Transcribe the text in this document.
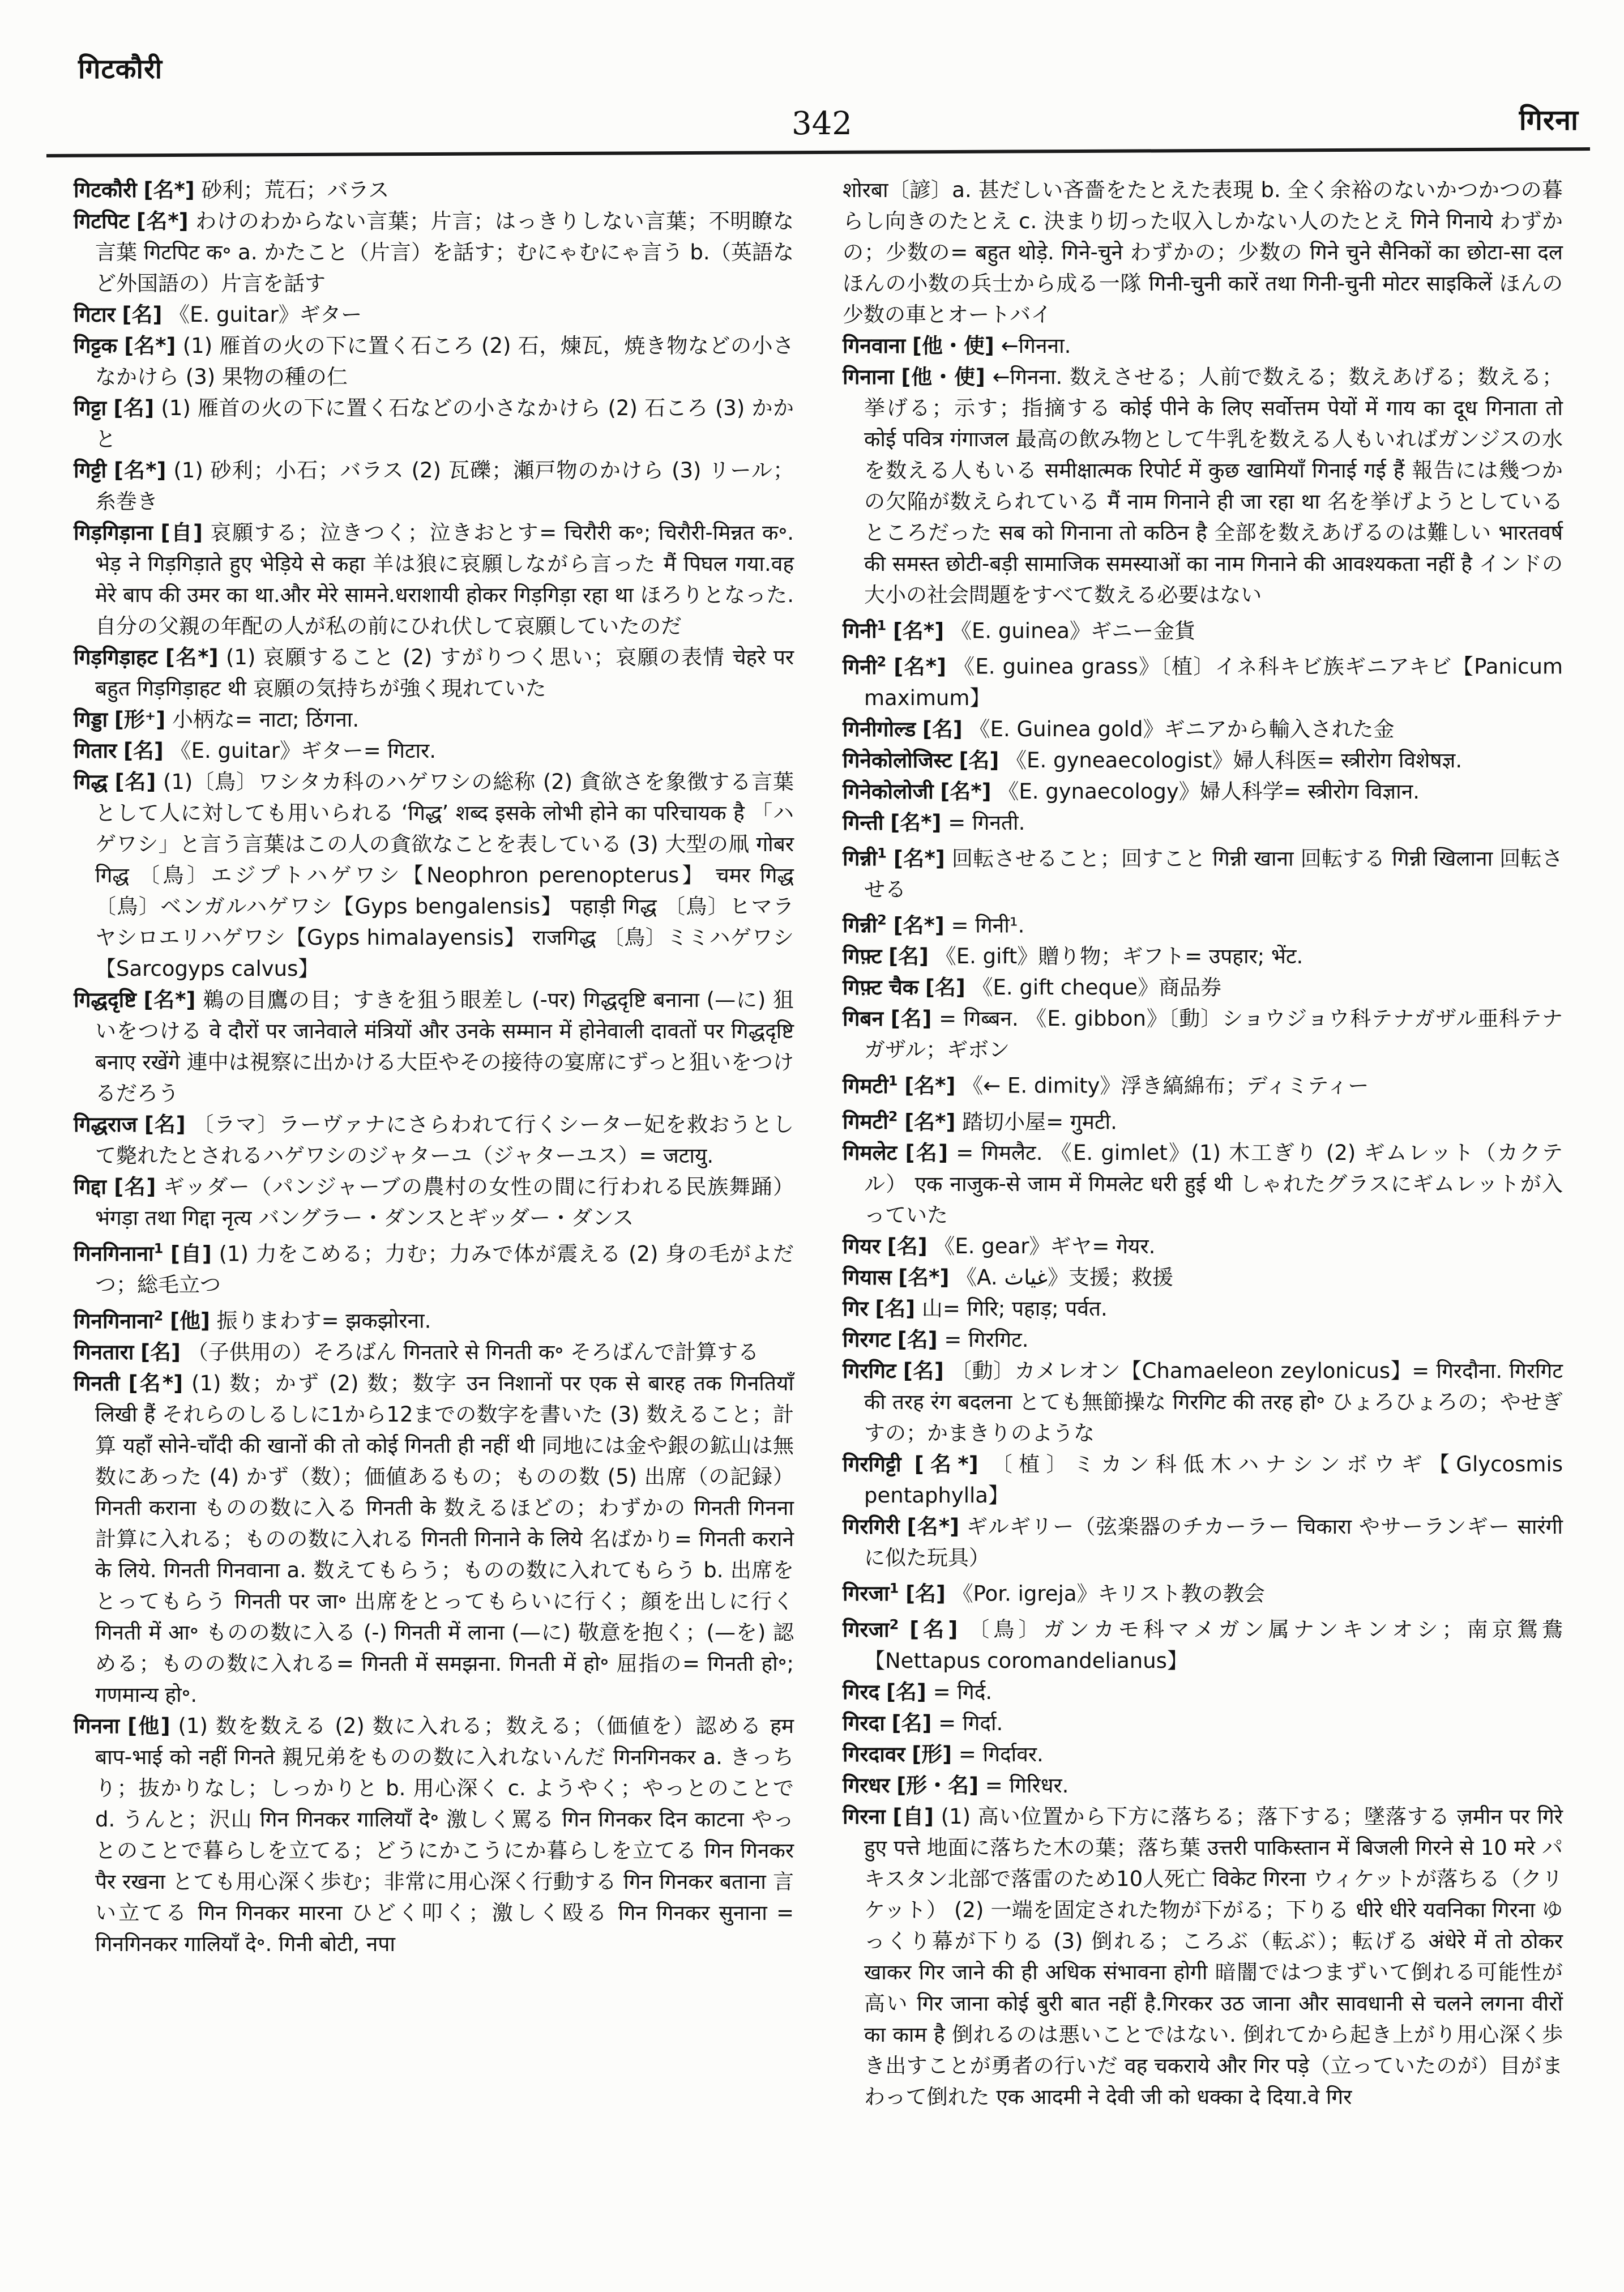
गिटकौरी
342	गिरना
गिटकौरी [名*] 砂利；荒石；バラス
गिटपिट [名*] わけのわからない言葉；片言；はっきりしない言葉；不明瞭な言葉 गिटपिट क॰ a. かたこと（片言）を話す；むにゃむにゃ言う b.（英語など外国語の）片言を話す
गिटार [名] 《E. guitar》ギター
गिट्टक [名*] (1) 雁首の火の下に置く石ころ (2) 石，煉瓦，焼き物などの小さなかけら (3) 果物の種の仁
गिट्टा [名] (1) 雁首の火の下に置く石などの小さなかけら (2) 石ころ (3) かかと
गिट्टी [名*] (1) 砂利；小石；バラス (2) 瓦礫；瀬戸物のかけら (3) リール；糸巻き
गिड़गिड़ाना [自] 哀願する；泣きつく；泣きおとす= चिरौरी क॰; चिरौरी-मिन्नत क॰. भेड़ ने गिड़गिड़ाते हुए भेड़िये से कहा 羊は狼に哀願しながら言った मैं पिघल गया.वह मेरे बाप की उमर का था.और मेरे सामने.धराशायी होकर गिड़गिड़ा रहा था ほろりとなった. 自分の父親の年配の人が私の前にひれ伏して哀願していたのだ
गिड़गिड़ाहट [名*] (1) 哀願すること (2) すがりつく思い；哀願の表情 चेहरे पर बहुत गिड़गिड़ाहट थी 哀願の気持ちが強く現れていた
गिड्डा [形⁺] 小柄な= नाटा; ठिंगना.
गितार [名] 《E. guitar》ギター= गिटार.
गिद्ध [名] (1)〔鳥〕ワシタカ科のハゲワシの総称 (2) 貪欲さを象徴する言葉として人に対しても用いられる ‘गिद्ध’ शब्द इसके लोभी होने का परिचायक है 「ハゲワシ」と言う言葉はこの人の貪欲なことを表している (3) 大型の凧 गोबर गिद्ध 〔鳥〕エジプトハゲワシ【Neophron perenopterus】 चमर गिद्ध 〔鳥〕ベンガルハゲワシ【Gyps bengalensis】 पहाड़ी गिद्ध 〔鳥〕ヒマラヤシロエリハゲワシ【Gyps himalayensis】 राजगिद्ध 〔鳥〕ミミハゲワシ【Sarcogyps calvus】
गिद्धदृष्टि [名*] 鵜の目鷹の目；すきを狙う眼差し (-पर) गिद्धदृष्टि बनाना (—に) 狙いをつける वे दौरों पर जानेवाले मंत्रियों और उनके सम्मान में होनेवाली दावतों पर गिद्धदृष्टि बनाए रखेंगे 連中は視察に出かける大臣やその接待の宴席にずっと狙いをつけるだろう
गिद्धराज [名] 〔ラマ〕ラーヴァナにさらわれて行くシーター妃を救おうとして斃れたとされるハゲワシのジャターユ（ジャターユス）= जटायु.
गिद्दा [名] ギッダー（パンジャーブの農村の女性の間に行われる民族舞踊） भंगड़ा तथा गिद्दा नृत्य バングラー・ダンスとギッダー・ダンス
गिनगिनाना$^1$ [自] (1) 力をこめる；力む；力みで体が震える (2) 身の毛がよだつ；総毛立つ
गिनगिनाना$^2$ [他] 振りまわす= झकझोरना.
गिनतारा [名] （子供用の）そろばん गिनतारे से गिनती क॰ そろばんで計算する
गिनती [名*] (1) 数；かず (2) 数；数字 उन निशानों पर एक से बारह तक गिनतियाँ लिखी हैं それらのしるしに1から12までの数字を書いた (3) 数えること；計算 यहाँ सोने-चाँदी की खानों की तो कोई गिनती ही नहीं थी 同地には金や銀の鉱山は無数にあった (4) かず（数）；価値あるもの；ものの数 (5) 出席（の記録） गिनती कराना ものの数に入る गिनती के 数えるほどの；わずかの गिनती गिनना 計算に入れる；ものの数に入れる गिनती गिनाने के लिये 名ばかり= गिनती कराने के लिये. गिनती गिनवाना a. 数えてもらう；ものの数に入れてもらう b. 出席をとってもらう गिनती पर जा॰ 出席をとってもらいに行く；顔を出しに行く गिनती में आ॰ ものの数に入る (-) गिनती में लाना (—に) 敬意を抱く；(—を) 認める；ものの数に入れる= गिनती में समझना. गिनती में हो॰ 屈指の= गिनती हो॰; गणमान्य हो॰.
गिनना [他] (1) 数を数える (2) 数に入れる；数える；（価値を）認める हम बाप-भाई को नहीं गिनते 親兄弟をものの数に入れないんだ गिनगिनकर a. きっちり；抜かりなし；しっかりと b. 用心深く c. ようやく；やっとのことで d. うんと；沢山 गिन गिनकर गालियाँ दे॰ 激しく罵る गिन गिनकर दिन काटना やっとのことで暮らしを立てる；どうにかこうにか暮らしを立てる गिन गिनकर पैर रखना とても用心深く歩む；非常に用心深く行動する गिन गिनकर बताना 言い立てる गिन गिनकर मारना ひどく叩く；激しく殴る गिन गिनकर सुनाना = गिनगिनकर गालियाँ दे॰. गिनी बोटी, नपा
शोरबा〔諺〕a. 甚だしい吝嗇をたとえた表現 b. 全く余裕のないかつかつの暮らし向きのたとえ c. 決まり切った収入しかない人のたとえ गिने गिनाये わずかの；少数の= बहुत थोड़े. गिने-चुने わずかの；少数の गिने चुने सैनिकों का छोटा-सा दल ほんの小数の兵士から成る一隊 गिनी-चुनी कारें तथा गिनी-चुनी मोटर साइकिलें ほんの少数の車とオートバイ
गिनवाना [他・使] ←गिनना.
गिनाना [他・使] ←गिनना. 数えさせる；人前で数える；数えあげる；数える；挙げる；示す；指摘する कोई पीने के लिए सर्वोत्तम पेयों में गाय का दूध गिनाता तो कोई पवित्र गंगाजल 最高の飲み物として牛乳を数える人もいればガンジスの水を数える人もいる समीक्षात्मक रिपोर्ट में कुछ खामियाँ गिनाई गई हैं 報告には幾つかの欠陥が数えられている मैं नाम गिनाने ही जा रहा था 名を挙げようとしているところだった सब को गिनाना तो कठिन है 全部を数えあげるのは難しい भारतवर्ष की समस्त छोटी-बड़ी सामाजिक समस्याओं का नाम गिनाने की आवश्यकता नहीं है インドの大小の社会問題をすべて数える必要はない
गिनी$^1$ [名*] 《E. guinea》ギニー金貨
गिनी$^2$ [名*] 《E. guinea grass》〔植〕イネ科キビ族ギニアキビ【Panicum maximum】
गिनीगोल्ड [名] 《E. Guinea gold》ギニアから輸入された金
गिनेकोलोजिस्ट [名] 《E. gyneaecologist》婦人科医= स्त्रीरोग विशेषज्ञ.
गिनेकोलोजी [名*] 《E. gynaecology》婦人科学= स्त्रीरोग विज्ञान.
गिन्ती [名*] = गिनती.
गिन्नी$^1$ [名*] 回転させること；回すこと गिन्नी खाना 回転する गिन्नी खिलाना 回転させる
गिन्नी$^2$ [名*] = गिनी¹.
गिफ़्ट [名] 《E. gift》贈り物；ギフト= उपहार; भेंट.
गिफ़्ट चैक [名] 《E. gift cheque》商品券
गिबन [名] = गिब्बन. 《E. gibbon》〔動〕ショウジョウ科テナガザル亜科テナガザル；ギボン
गिमटी$^1$ [名*] 《← E. dimity》浮き縞綿布；ディミティー
गिमटी$^2$ [名*] 踏切小屋= गुमटी.
गिमलेट [名] = गिमलैट. 《E. gimlet》(1) 木工ぎり (2) ギムレット（カクテル） एक नाजुक-से जाम में गिमलेट धरी हुई थी しゃれたグラスにギムレットが入っていた
गियर [名] 《E. gear》ギヤ= गेयर.
गियास [名*] 《A. غياث》支援；救援
गिर [名] 山= गिरि; पहाड़; पर्वत.
गिरगट [名] = गिरगिट.
गिरगिट [名] 〔動〕カメレオン【Chamaeleon zeylonicus】= गिरदौना. गिरगिट की तरह रंग बदलना とても無節操な गिरगिट की तरह हो॰ ひょろひょろの；やせぎすの；かまきりのような
गिरगिट्टी [名*] 〔植〕ミカン科低木ハナシンボウギ【Glycosmis pentaphylla】
गिरगिरी [名*] ギルギリー（弦楽器のチカーラー चिकारा やサーランギー सारंगी に似た玩具）
गिरजा$^1$ [名] 《Por. igreja》キリスト教の教会
गिरजा$^2$ [名] 〔鳥〕ガンカモ科マメガン属ナンキンオシ；南京鴛鴦【Nettapus coromandelianus】
गिरद [名] = गिर्द.
गिरदा [名] = गिर्दा.
गिरदावर [形] = गिर्दावर.
गिरधर [形・名] = गिरिधर.
गिरना [自] (1) 高い位置から下方に落ちる；落下する；墜落する ज़मीन पर गिरे हुए पत्ते 地面に落ちた木の葉；落ち葉 उत्तरी पाकिस्तान में बिजली गिरने से 10 मरे パキスタン北部で落雷のため10人死亡 विकेट गिरना ウィケットが落ちる（クリケット） (2) 一端を固定された物が下がる；下りる धीरे धीरे यवनिका गिरना ゆっくり幕が下りる (3) 倒れる；ころぶ（転ぶ）；転げる अंधेरे में तो ठोकर खाकर गिर जाने की ही अधिक संभावना होगी 暗闇ではつまずいて倒れる可能性が高い गिर जाना कोई बुरी बात नहीं है.गिरकर उठ जाना और सावधानी से चलने लगना वीरों का काम है 倒れるのは悪いことではない. 倒れてから起き上がり用心深く歩き出すことが勇者の行いだ वह चकराये और गिर पड़े（立っていたのが）目がまわって倒れた एक आदमी ने देवी जी को धक्का दे दिया.वे गिर
